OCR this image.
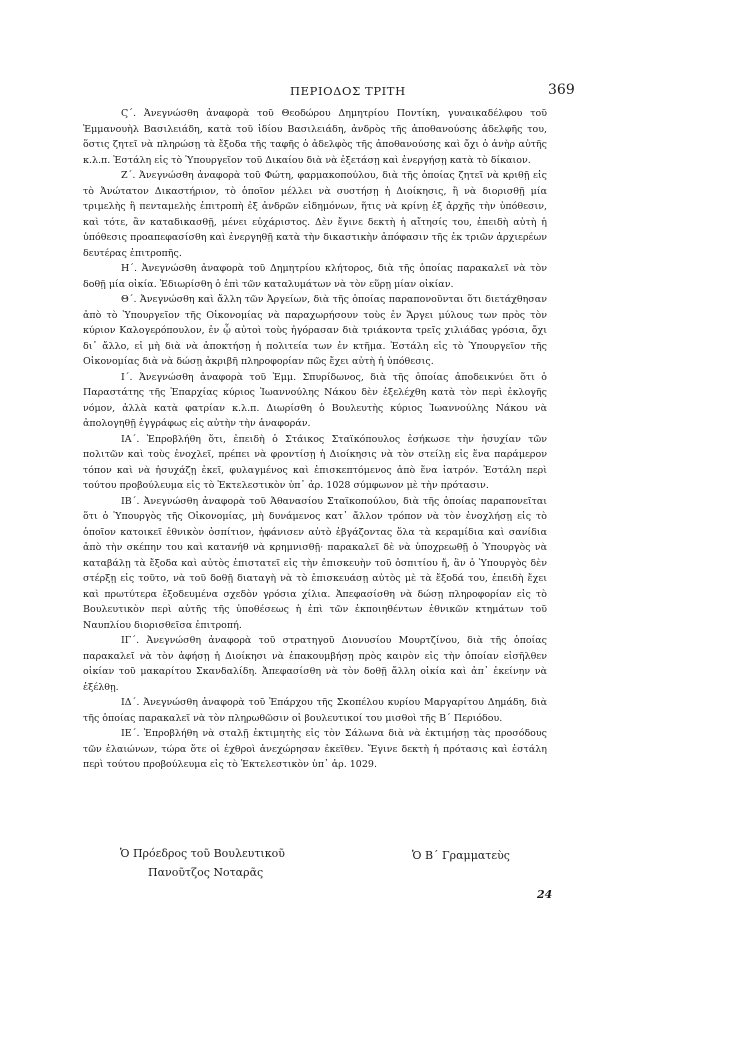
ΠΕΡΙΟΔΟΣ ΤΡΙΤΗ	369

Ϛ΄. Ἀνεγνώσθη ἀναφορὰ τοῦ Θεοδώρου Δημητρίου Ποντίκη, γυναικαδέλφου τοῦ Ἐμμανουὴλ Βασιλειάδη, κατὰ τοῦ ἰδίου Βασιλειάδη, ἀνδρὸς τῆς ἀποθανούσης ἀδελφῆς του, ὅστις ζητεῖ νὰ πληρώσῃ τὰ ἔξοδα τῆς ταφῆς ὁ ἀδελφὸς τῆς ἀποθανούσης καὶ ὄχι ὁ ἀνὴρ αὐτῆς κ.λ.π. Ἐστάλη εἰς τὸ Ὑπουργεῖον τοῦ Δικαίου διὰ νὰ ἐξετάσῃ καὶ ἐνεργήσῃ κατὰ τὸ δίκαιον.

Ζ΄. Ἀνεγνώσθη ἀναφορὰ τοῦ Φώτη, φαρμακοπούλου, διὰ τῆς ὁποίας ζητεῖ νὰ κριθῇ εἰς τὸ Ἀνώτατον Δικαστήριον, τὸ ὁποῖον μέλλει νὰ συστήσῃ ἡ Διοίκησις, ἢ νὰ διορισθῇ μία τριμελὴς ἢ πενταμελὴς ἐπιτροπὴ ἐξ ἀνδρῶν εἰδημόνων, ἥτις νὰ κρίνῃ ἐξ ἀρχῆς τὴν ὑπόθεσιν, καὶ τότε, ἂν καταδικασθῇ, μένει εὐχάριστος. Δὲν ἔγινε δεκτὴ ἡ αἴτησίς του, ἐπειδὴ αὐτὴ ἡ ὑπόθεσις προαπεφασίσθη καὶ ἐνεργηθῇ κατὰ τὴν δικαστικὴν ἀπόφασιν τῆς ἐκ τριῶν ἀρχιερέων δευτέρας ἐπιτροπῆς.

Η΄. Ἀνεγνώσθη ἀναφορὰ τοῦ Δημητρίου κλήτορος, διὰ τῆς ὁποίας παρακαλεῖ νὰ τὸν δοθῇ μία οἰκία. Ἐδιωρίσθη ὁ ἐπὶ τῶν καταλυμάτων νὰ τὸν εὕρῃ μίαν οἰκίαν.

Θ΄. Ἀνεγνώσθη καὶ ἄλλη τῶν Ἀργείων, διὰ τῆς ὁποίας παραπονοῦνται ὅτι διετάχθησαν ἀπὸ τὸ Ὑπουργεῖον τῆς Οἰκονομίας νὰ παραχωρήσουν τοὺς ἐν Ἄργει μύλους των πρὸς τὸν κύριον Καλογερόπουλον, ἐν ᾧ αὐτοὶ τοὺς ἠγόρασαν διὰ τριάκοντα τρεῖς χιλιάδας γρόσια, ὄχι δι᾽ ἄλλο, εἰ μὴ διὰ νὰ ἀποκτήσῃ ἡ πολιτεία των ἐν κτῆμα. Ἐστάλη εἰς τὸ Ὑπουργεῖον τῆς Οἰκονομίας διὰ νὰ δώσῃ ἀκριβῆ πληροφορίαν πῶς ἔχει αὐτὴ ἡ ὑπόθεσις.

Ι΄. Ἀνεγνώσθη ἀναφορὰ τοῦ Ἐμμ. Σπυρίδωνος, διὰ τῆς ὁποίας ἀποδεικνύει ὅτι ὁ Παραστάτης τῆς Ἐπαρχίας κύριος Ἰωαννούλης Νάκου δὲν ἐξελέχθη κατὰ τὸν περὶ ἐκλογῆς νόμον, ἀλλὰ κατὰ φατρίαν κ.λ.π. Διωρίσθη ὁ Βουλευτὴς κύριος Ἰωαννούλης Νάκου νὰ ἀπολογηθῇ ἐγγράφως εἰς αὐτὴν τὴν ἀναφοράν.

ΙΑ΄. Ἐπροβλήθη ὅτι, ἐπειδὴ ὁ Στάικος Σταϊκόπουλος ἐσήκωσε τὴν ἡσυχίαν τῶν πολιτῶν καὶ τοὺς ἐνοχλεῖ, πρέπει νὰ φροντίσῃ ἡ Διοίκησις νὰ τὸν στείλῃ εἰς ἕνα παράμερον τόπον καὶ νὰ ἡσυχάζῃ ἐκεῖ, φυλαγμένος καὶ ἐπισκεπτόμενος ἀπὸ ἕνα ἰατρόν. Ἐστάλη περὶ τούτου προβούλευμα εἰς τὸ Ἐκτελεστικὸν ὑπ᾽ ἀρ. 1028 σύμφωνον μὲ τὴν πρότασιν.

ΙΒ΄. Ἀνεγνώσθη ἀναφορὰ τοῦ Ἀθανασίου Σταϊκοπούλου, διὰ τῆς ὁποίας παραπονεῖται ὅτι ὁ Ὑπουργὸς τῆς Οἰκονομίας, μὴ δυνάμενος κατ᾽ ἄλλον τρόπον νὰ τὸν ἐνοχλήσῃ εἰς τὸ ὁποῖον κατοικεῖ ἐθνικὸν ὀσπίτιον, ἠφάνισεν αὐτὸ ἐβγάζοντας ὅλα τὰ κεραμίδια καὶ σανίδια ἀπὸ τὴν σκέπην του καὶ κατανήθ νὰ κρημνισθῇ· παρακαλεῖ δὲ νὰ ὑποχρεωθῇ ὁ Ὑπουργὸς νὰ καταβάλῃ τὰ ἔξοδα καὶ αὐτὸς ἐπιστατεῖ εἰς τὴν ἐπισκευὴν τοῦ ὀσπιτίου ἤ, ἂν ὁ Ὑπουργὸς δὲν στέρξῃ εἰς τοῦτο, νὰ τοῦ δοθῇ διαταγὴ νὰ τὸ ἐπισκευάσῃ αὐτὸς μὲ τὰ ἔξοδά του, ἐπειδὴ ἔχει καὶ πρωτύτερα ἐξοδευμένα σχεδὸν γρόσια χίλια. Ἀπεφασίσθη νὰ δώσῃ πληροφορίαν εἰς τὸ Βουλευτικὸν περὶ αὐτῆς τῆς ὑποθέσεως ἡ ἐπὶ τῶν ἐκποιηθέντων ἐθνικῶν κτημάτων τοῦ Ναυπλίου διορισθεῖσα ἐπιτροπή.

ΙΓ΄. Ἀνεγνώσθη ἀναφορὰ τοῦ στρατηγοῦ Διονυσίου Μουρτζίνου, διὰ τῆς ὁποίας παρακαλεῖ νὰ τὸν ἀφήσῃ ἡ Διοίκησι νὰ ἐπακουμβήσῃ πρὸς καιρὸν εἰς τὴν ὁποίαν εἰσῆλθεν οἰκίαν τοῦ μακαρίτου Σκανδαλίδη. Ἀπεφασίσθη νὰ τὸν δοθῇ ἄλλη οἰκία καὶ ἀπ᾽ ἐκείνην νὰ ἐξέλθῃ.

ΙΔ΄. Ἀνεγνώσθη ἀναφορὰ τοῦ Ἐπάρχου τῆς Σκοπέλου κυρίου Μαργαρίτου Δημάδη, διὰ τῆς ὁποίας παρακαλεῖ νὰ τὸν πληρωθῶσιν οἱ βουλευτικοί του μισθοὶ τῆς Β΄ Περιόδου.

ΙΕ΄. Ἐπροβλήθη νὰ σταλῇ ἐκτιμητὴς εἰς τὸν Σάλωνα διὰ νὰ ἐκτιμήσῃ τὰς προσόδους τῶν ἐλαιώνων, τώρα ὅτε οἱ ἐχθροὶ ἀνεχώρησαν ἐκεῖθεν. Ἔγινε δεκτὴ ἡ πρότασις καὶ ἐστάλη περὶ τούτου προβούλευμα εἰς τὸ Ἐκτελεστικὸν ὑπ᾽ ἀρ. 1029.

Ὁ Πρόεδρος τοῦ Βουλευτικοῦ
Πανοῦτζος Νοταρᾶς
Ὁ Β΄ Γραμματεὺς
24
